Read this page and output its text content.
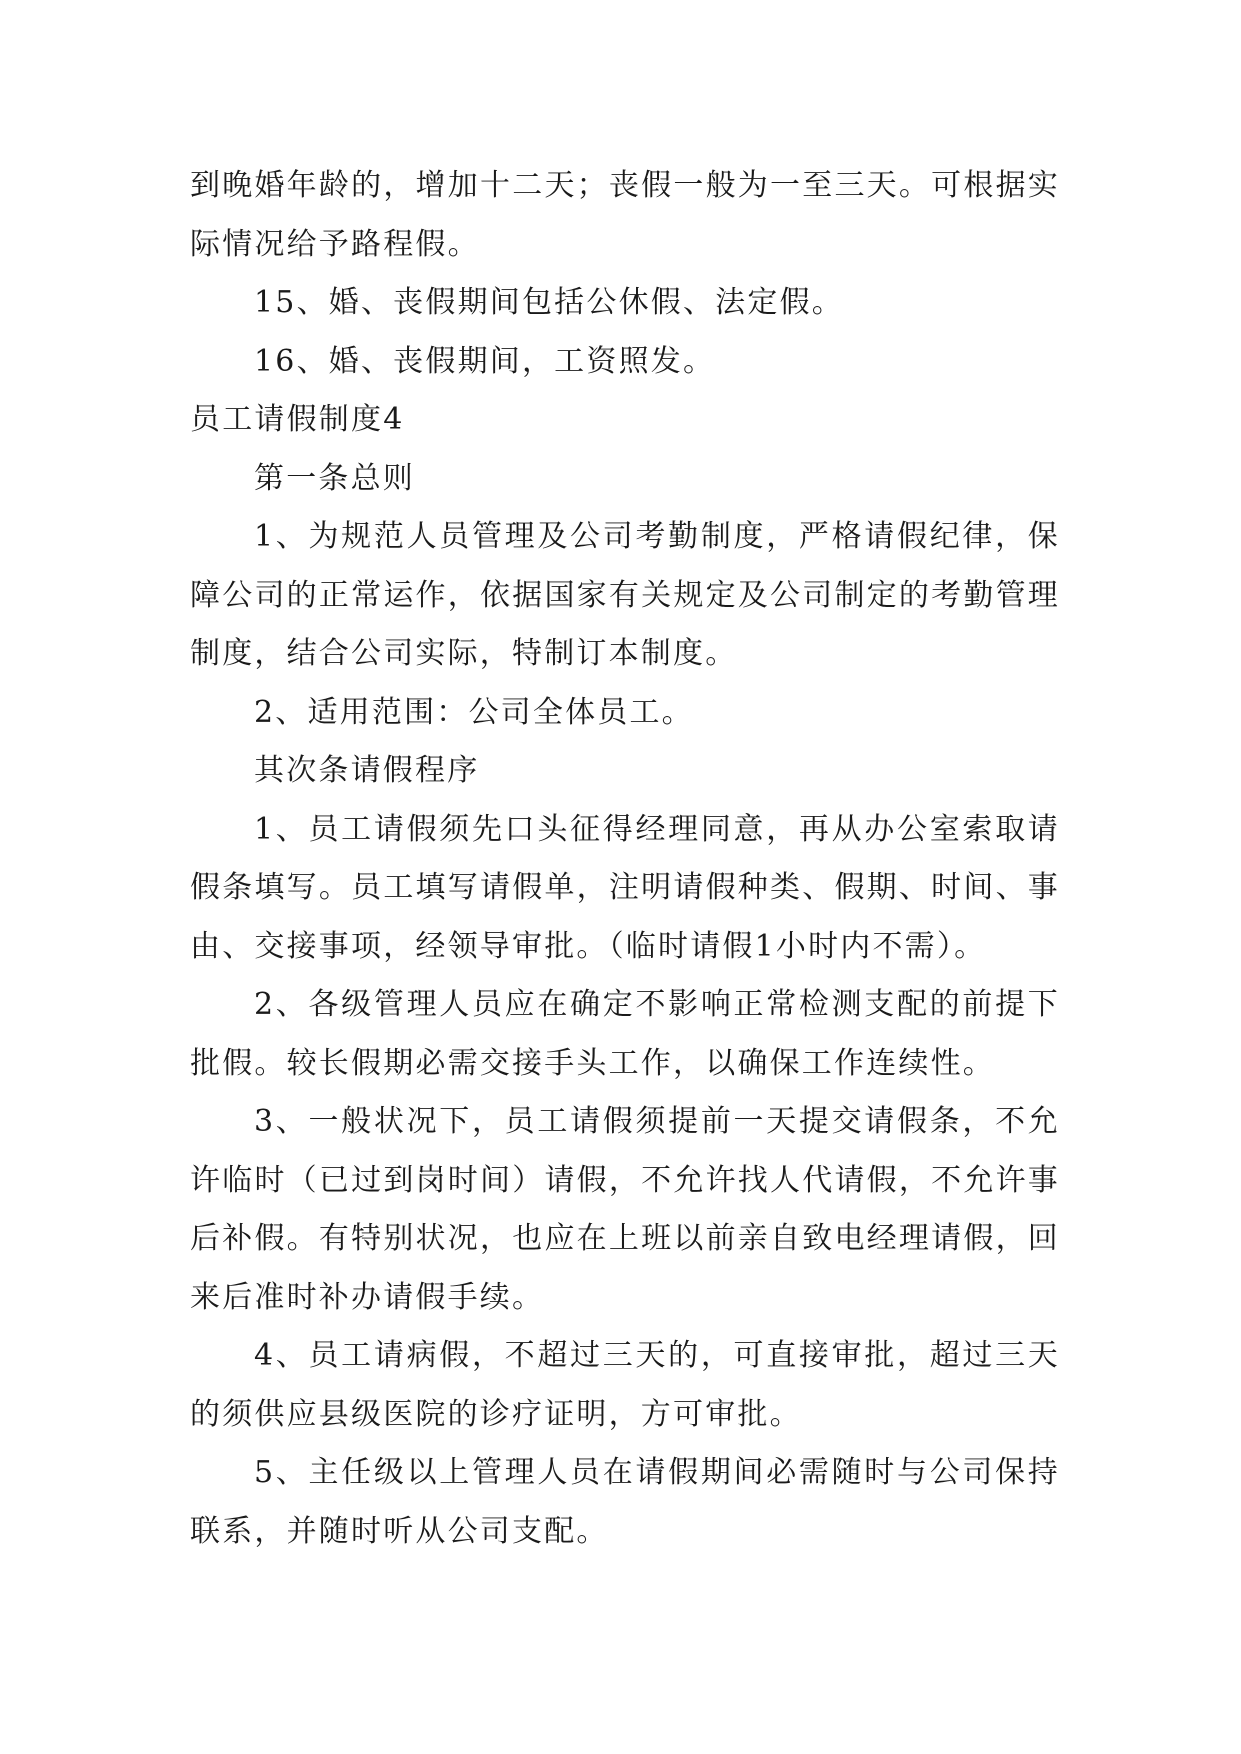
到晚婚年龄的，增加十二天；丧假一般为一至三天。可根据实际情况给予路程假。

15、婚、丧假期间包括公休假、法定假。

16、婚、丧假期间，工资照发。

员工请假制度4

第一条总则

1、为规范人员管理及公司考勤制度，严格请假纪律，保障公司的正常运作，依据国家有关规定及公司制定的考勤管理制度，结合公司实际，特制订本制度。

2、适用范围：公司全体员工。

其次条请假程序

1、员工请假须先口头征得经理同意，再从办公室索取请假条填写。员工填写请假单，注明请假种类、假期、时间、事由、交接事项，经领导审批。（临时请假1小时内不需）。

2、各级管理人员应在确定不影响正常检测支配的前提下批假。较长假期必需交接手头工作，以确保工作连续性。

3、一般状况下，员工请假须提前一天提交请假条，不允许临时（已过到岗时间）请假，不允许找人代请假，不允许事后补假。有特别状况，也应在上班以前亲自致电经理请假，回来后准时补办请假手续。

4、员工请病假，不超过三天的，可直接审批，超过三天的须供应县级医院的诊疗证明，方可审批。

5、主任级以上管理人员在请假期间必需随时与公司保持联系，并随时听从公司支配。
